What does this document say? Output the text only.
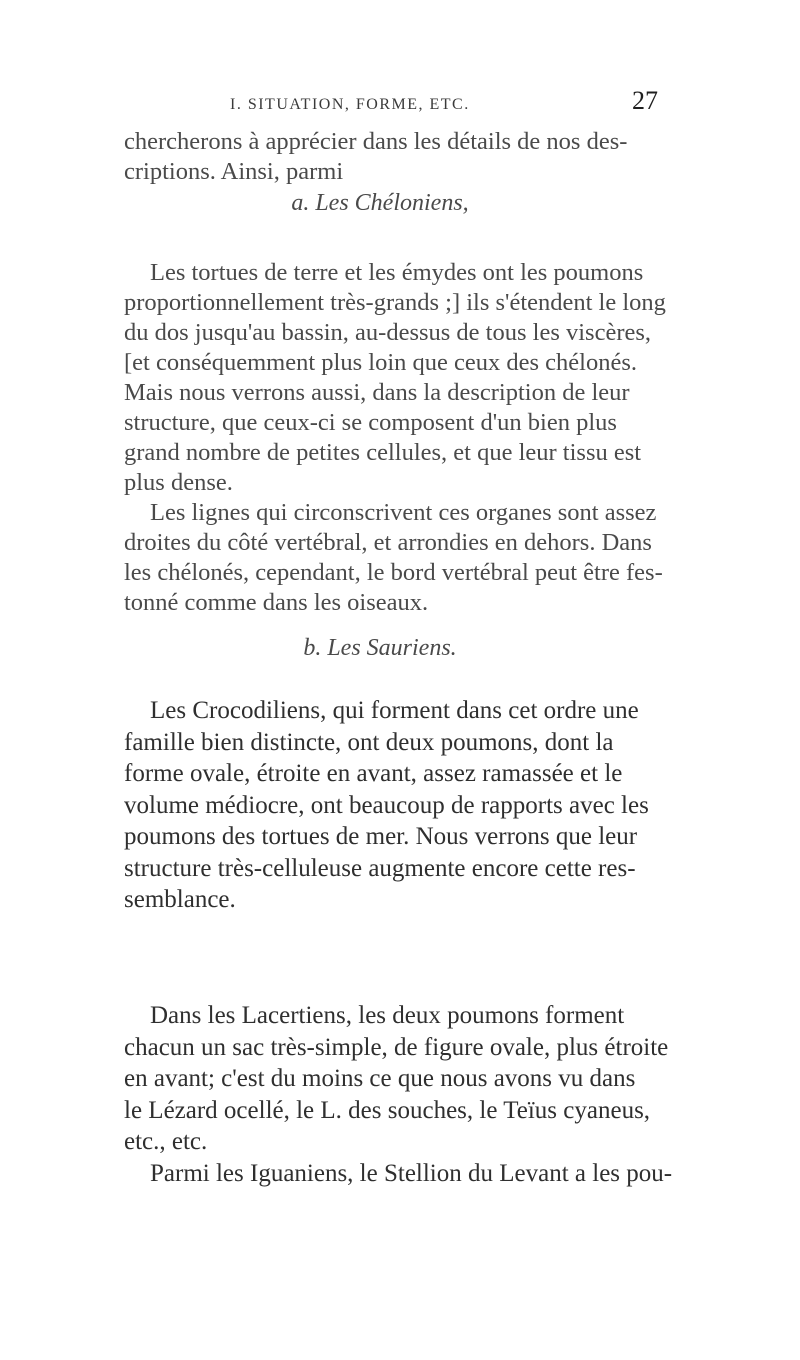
I. SITUATION, FORME, ETC.	27
chercherons à apprécier dans les détails de nos des-
criptions. Ainsi, parmi
a. Les Chéloniens,
Les tortues de terre et les émydes ont les poumons
proportionnellement très-grands ;] ils s'étendent le long
du dos jusqu'au bassin, au-dessus de tous les viscères,
[et conséquemment plus loin que ceux des chélonés.
Mais nous verrons aussi, dans la description de leur
structure, que ceux-ci se composent d'un bien plus
grand nombre de petites cellules, et que leur tissu est
plus dense.
Les lignes qui circonscrivent ces organes sont assez
droites du côté vertébral, et arrondies en dehors. Dans
les chélonés, cependant, le bord vertébral peut être fes-
tonné comme dans les oiseaux.
b. Les Sauriens.
Les Crocodiliens, qui forment dans cet ordre une
famille bien distincte, ont deux poumons, dont la
forme ovale, étroite en avant, assez ramassée et le
volume médiocre, ont beaucoup de rapports avec les
poumons des tortues de mer. Nous verrons que leur
structure très-celluleuse augmente encore cette res-
semblance.
Dans les Lacertiens, les deux poumons forment
chacun un sac très-simple, de figure ovale, plus étroite
en avant; c'est du moins ce que nous avons vu dans
le Lézard ocellé, le L. des souches, le Teïus cyaneus,
etc., etc.
Parmi les Iguaniens, le Stellion du Levant a les pou-
